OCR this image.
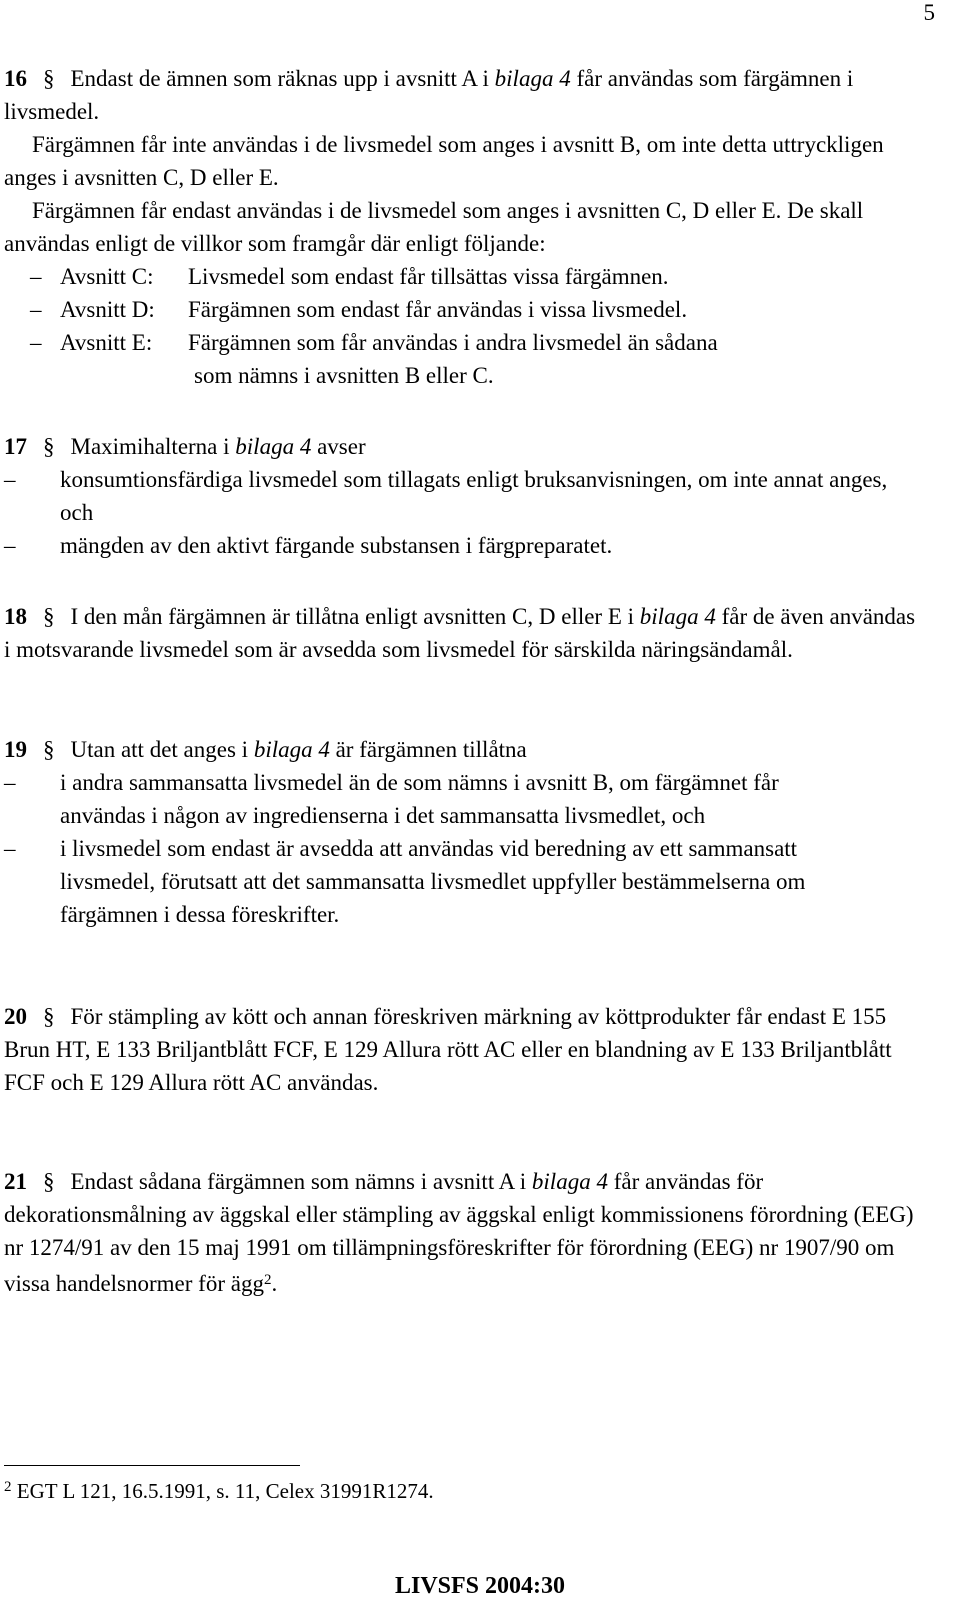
5

16 § Endast de ämnen som räknas upp i avsnitt A i bilaga 4 får användas som färgämnen i livsmedel.

Färgämnen får inte användas i de livsmedel som anges i avsnitt B, om inte detta uttryckligen anges i avsnitten C, D eller E.

Färgämnen får endast användas i de livsmedel som anges i avsnitten C, D eller E. De skall användas enligt de villkor som framgår där enligt följande:

– Avsnitt C: Livsmedel som endast får tillsättas vissa färgämnen.
– Avsnitt D: Färgämnen som endast får användas i vissa livsmedel.
– Avsnitt E: Färgämnen som får användas i andra livsmedel än sådana
som nämns i avsnitten B eller C.

17 § Maximihalterna i bilaga 4 avser

– konsumtionsfärdiga livsmedel som tillagats enligt bruksanvisningen, om inte annat anges, och
– mängden av den aktivt färgande substansen i färgpreparatet.

18 § I den mån färgämnen är tillåtna enligt avsnitten C, D eller E i bilaga 4 får de även användas i motsvarande livsmedel som är avsedda som livsmedel för särskilda näringsändamål.

19 § Utan att det anges i bilaga 4 är färgämnen tillåtna

– i andra sammansatta livsmedel än de som nämns i avsnitt B, om färgämnet får användas i någon av ingredienserna i det sammansatta livsmedlet, och
– i livsmedel som endast är avsedda att användas vid beredning av ett sammansatt livsmedel, förutsatt att det sammansatta livsmedlet uppfyller bestämmelserna om färgämnen i dessa föreskrifter.

20 § För stämpling av kött och annan föreskriven märkning av köttprodukter får endast E 155 Brun HT, E 133 Briljantblått FCF, E 129 Allura rött AC eller en blandning av E 133 Briljantblått FCF och E 129 Allura rött AC användas.

21 § Endast sådana färgämnen som nämns i avsnitt A i bilaga 4 får användas för dekorationsmålning av äggskal eller stämpling av äggskal enligt kommissionens förordning (EEG) nr 1274/91 av den 15 maj 1991 om tillämpningsföreskrifter för förordning (EEG) nr 1907/90 om vissa handelsnormer för ägg$^2$.

$^2$ EGT L 121, 16.5.1991, s. 11, Celex 31991R1274.
LIVSFS 2004:30
